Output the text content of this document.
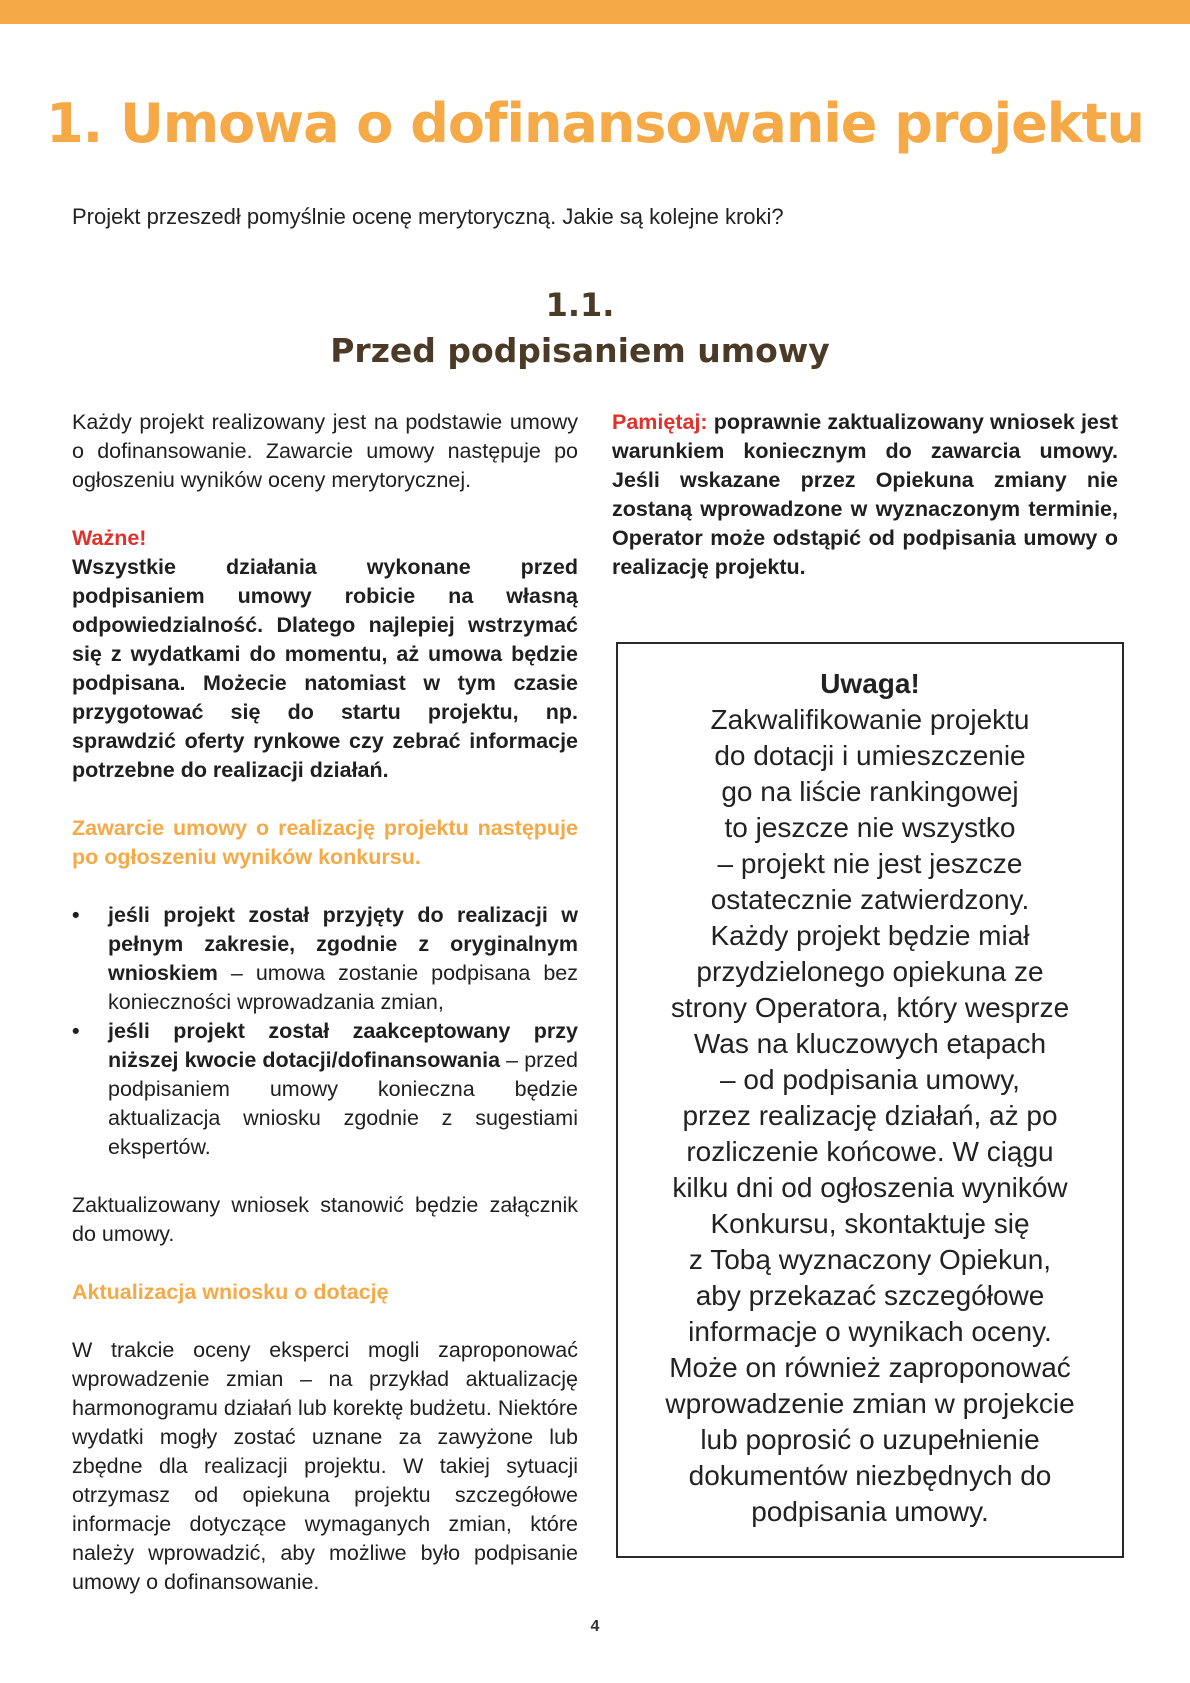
1. Umowa o dofinansowanie projektu

Projekt przeszedł pomyślnie ocenę merytoryczną. Jakie są kolejne kroki?

1.1.
Przed podpisaniem umowy

Każdy projekt realizowany jest na podstawie umowy o dofinansowanie. Zawarcie umowy następuje po ogłoszeniu wyników oceny merytorycznej.

Ważne!

Wszystkie działania wykonane przed podpisaniem umowy robicie na własną odpowiedzialność. Dlatego najlepiej wstrzymać się z wydatkami do momentu, aż umowa będzie podpisana. Możecie natomiast w tym czasie przygotować się do startu projektu, np. sprawdzić oferty rynkowe czy zebrać informacje potrzebne do realizacji działań.

Zawarcie umowy o realizację projektu następuje po ogłoszeniu wyników konkursu.

• jeśli projekt został przyjęty do realizacji w pełnym zakresie, zgodnie z oryginalnym wnioskiem – umowa zostanie podpisana bez konieczności wprowadzania zmian,
• jeśli projekt został zaakceptowany przy niższej kwocie dotacji/dofinansowania – przed podpisaniem umowy konieczna będzie aktualizacja wniosku zgodnie z sugestiami ekspertów.

Zaktualizowany wniosek stanowić będzie załącznik do umowy.

Aktualizacja wniosku o dotację

W trakcie oceny eksperci mogli zaproponować wprowadzenie zmian – na przykład aktualizację harmonogramu działań lub korektę budżetu. Niektóre wydatki mogły zostać uznane za zawyżone lub zbędne dla realizacji projektu. W takiej sytuacji otrzymasz od opiekuna projektu szczegółowe informacje dotyczące wymaganych zmian, które należy wprowadzić, aby możliwe było podpisanie umowy o dofinansowanie.

Pamiętaj: poprawnie zaktualizowany wniosek jest warunkiem koniecznym do zawarcia umowy. Jeśli wskazane przez Opiekuna zmiany nie zostaną wprowadzone w wyznaczonym terminie, Operator może odstąpić od podpisania umowy o realizację projektu.

Uwaga!
Zakwalifikowanie projektu
do dotacji i umieszczenie
go na liście rankingowej
to jeszcze nie wszystko
– projekt nie jest jeszcze
ostatecznie zatwierdzony.
Każdy projekt będzie miał
przydzielonego opiekuna ze
strony Operatora, który wesprze
Was na kluczowych etapach
– od podpisania umowy,
przez realizację działań, aż po
rozliczenie końcowe. W ciągu
kilku dni od ogłoszenia wyników
Konkursu, skontaktuje się
z Tobą wyznaczony Opiekun,
aby przekazać szczegółowe
informacje o wynikach oceny.
Może on również zaproponować
wprowadzenie zmian w projekcie
lub poprosić o uzupełnienie
dokumentów niezbędnych do
podpisania umowy.
4
